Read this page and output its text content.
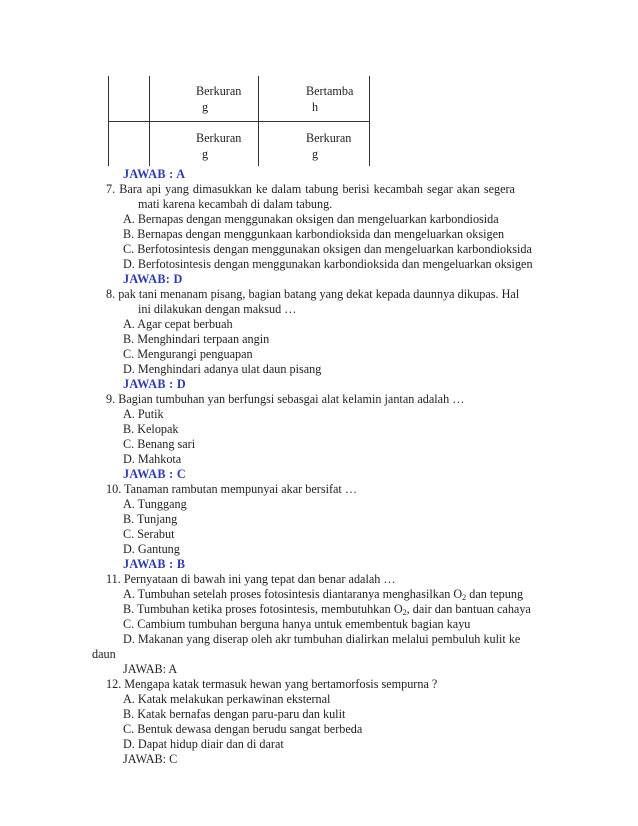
Berkuran
g
Bertamba
h
Berkuran
g
Berkuran
g
JAWAB : A
7. Bara api yang dimasukkan ke dalam tabung berisi kecambah segar akan segera
mati karena kecambah di dalam tabung.
A. Bernapas dengan menggunakan oksigen dan mengeluarkan karbondiosida
B. Bernapas dengan menggunkaan karbondioksida dan mengeluarkan oksigen
C. Berfotosintesis dengan menggunakan oksigen dan mengeluarkan karbondioksida
D. Berfotosintesis dengan menggunakan karbondioksida dan mengeluarkan oksigen
JAWAB: D
8. pak tani menanam pisang, bagian batang yang dekat kepada daunnya dikupas. Hal
ini dilakukan dengan maksud …
A. Agar cepat berbuah
B. Menghindari terpaan angin
C. Mengurangi penguapan
D. Menghindari adanya ulat daun pisang
JAWAB : D
9. Bagian tumbuhan yan berfungsi sebasgai alat kelamin jantan adalah …
A. Putik
B. Kelopak
C. Benang sari
D. Mahkota
JAWAB : C
10. Tanaman rambutan mempunyai akar bersifat …
A. Tunggang
B. Tunjang
C. Serabut
D. Gantung
JAWAB : B
11. Pernyataan di bawah ini yang tepat dan benar adalah …
A. Tumbuhan setelah proses fotosintesis diantaranya menghasilkan O2 dan tepung
B. Tumbuhan ketika proses fotosintesis, membutuhkan O2, dair dan bantuan cahaya
C. Cambium tumbuhan berguna hanya untuk emembentuk bagian kayu
D. Makanan yang diserap oleh akr tumbuhan dialirkan melalui pembuluh kulit ke
daun
JAWAB: A
12. Mengapa katak termasuk hewan yang bertamorfosis sempurna ?
A. Katak melakukan perkawinan eksternal
B. Katak bernafas dengan paru-paru dan kulit
C. Bentuk dewasa dengan berudu sangat berbeda
D. Dapat hidup diair dan di darat
JAWAB: C
